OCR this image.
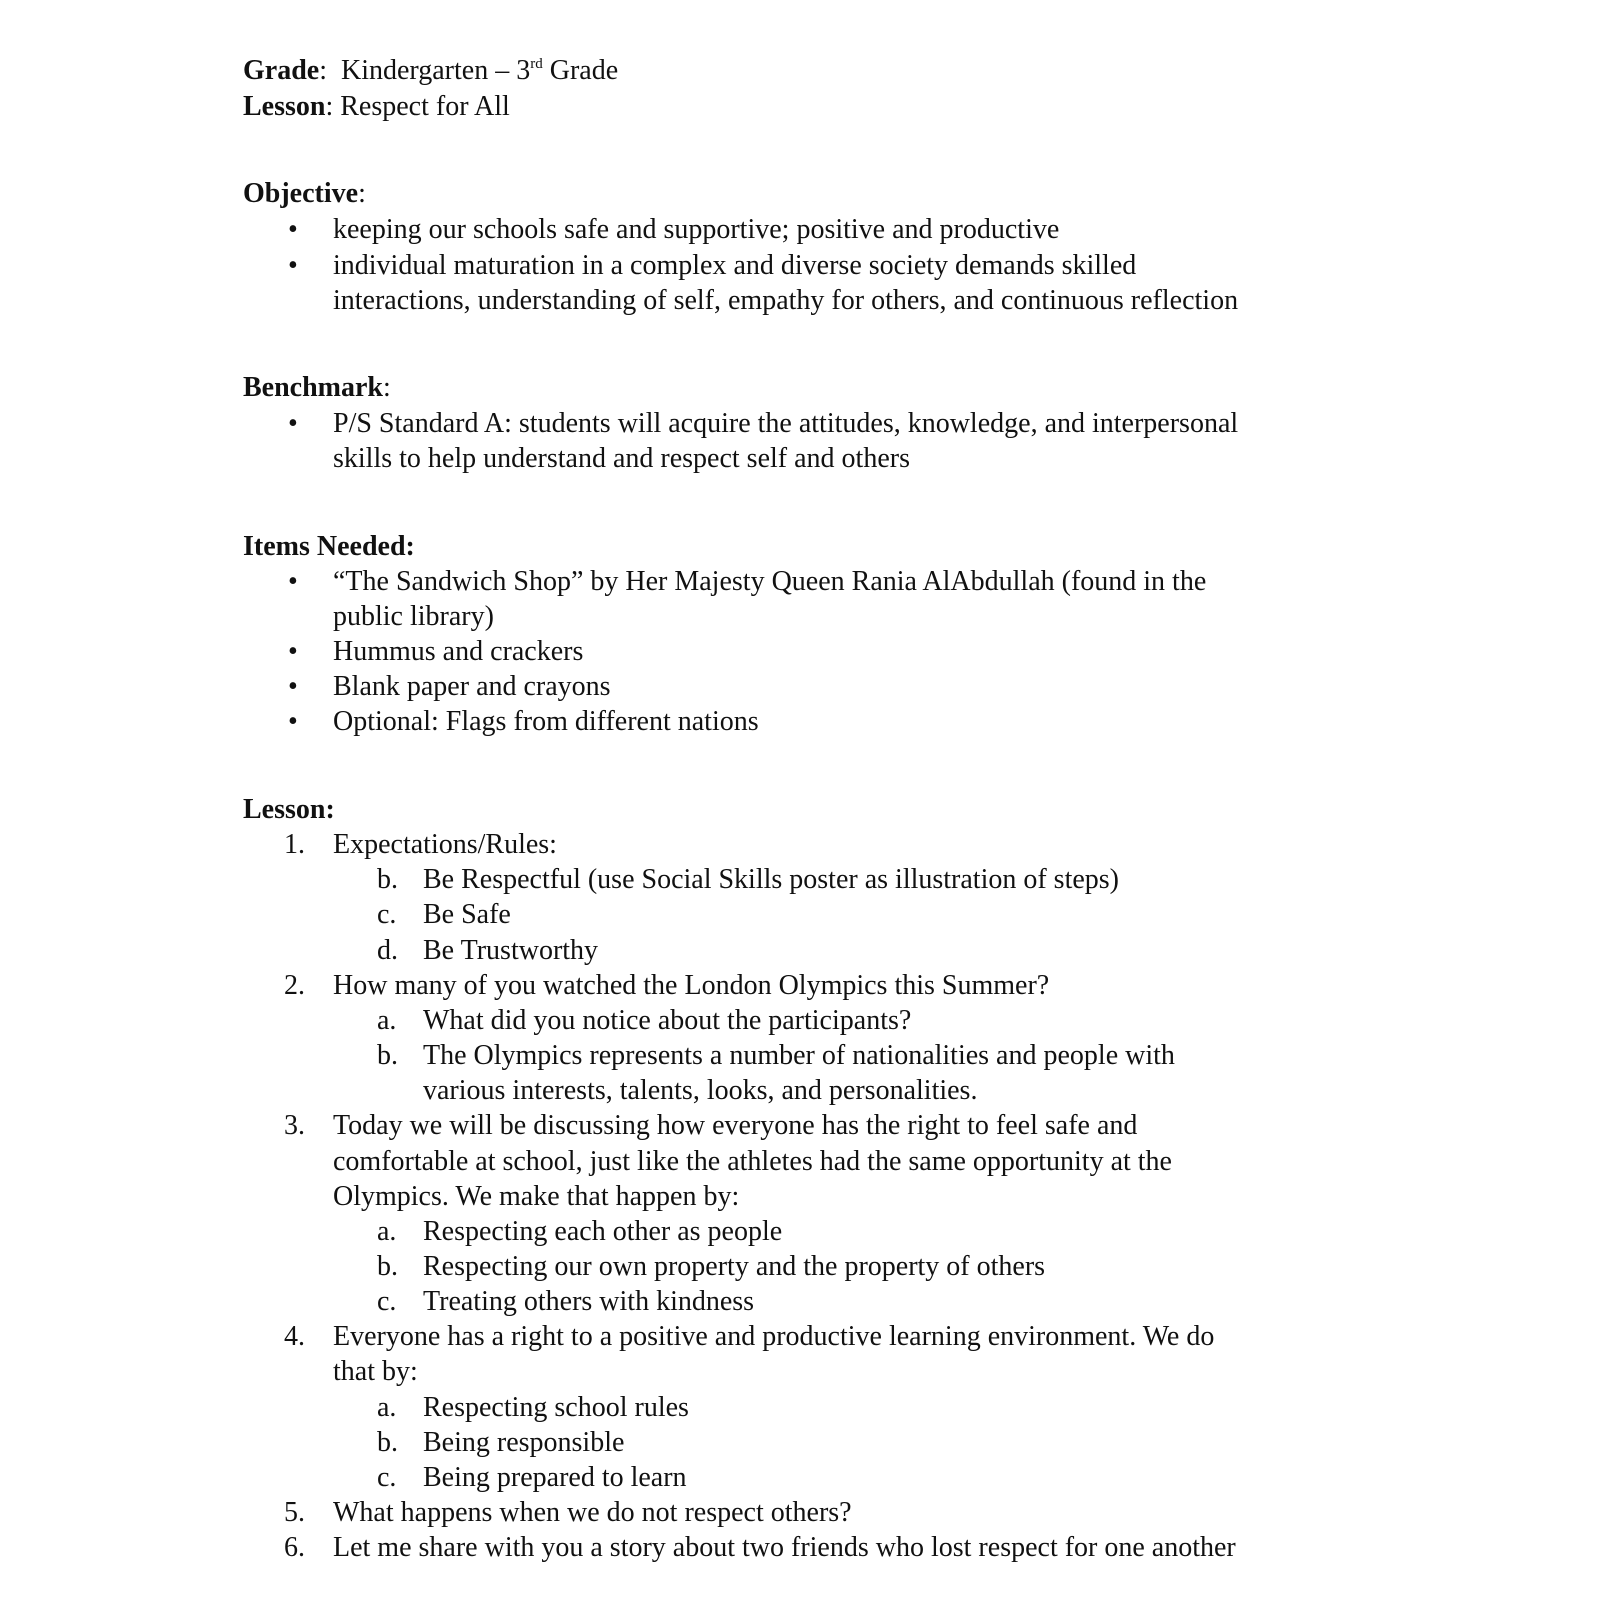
Grade:  Kindergarten – 3rd Grade
Lesson: Respect for All
Objective:
•	keeping our schools safe and supportive; positive and productive
•	individual maturation in a complex and diverse society demands skilled
interactions, understanding of self, empathy for others, and continuous reflection
Benchmark:
•	P/S Standard A: students will acquire the attitudes, knowledge, and interpersonal
skills to help understand and respect self and others
Items Needed:
•	“The Sandwich Shop” by Her Majesty Queen Rania AlAbdullah (found in the
public library)
•	Hummus and crackers
•	Blank paper and crayons
•	Optional: Flags from different nations
Lesson:
1. Expectations/Rules:
b. Be Respectful (use Social Skills poster as illustration of steps)
c. Be Safe
d. Be Trustworthy
2. How many of you watched the London Olympics this Summer?
a. What did you notice about the participants?
b. The Olympics represents a number of nationalities and people with
various interests, talents, looks, and personalities.
3. Today we will be discussing how everyone has the right to feel safe and
comfortable at school, just like the athletes had the same opportunity at the
Olympics. We make that happen by:
a. Respecting each other as people
b. Respecting our own property and the property of others
c. Treating others with kindness
4. Everyone has a right to a positive and productive learning environment. We do
that by:
a. Respecting school rules
b. Being responsible
c. Being prepared to learn
5. What happens when we do not respect others?
6. Let me share with you a story about two friends who lost respect for one another
